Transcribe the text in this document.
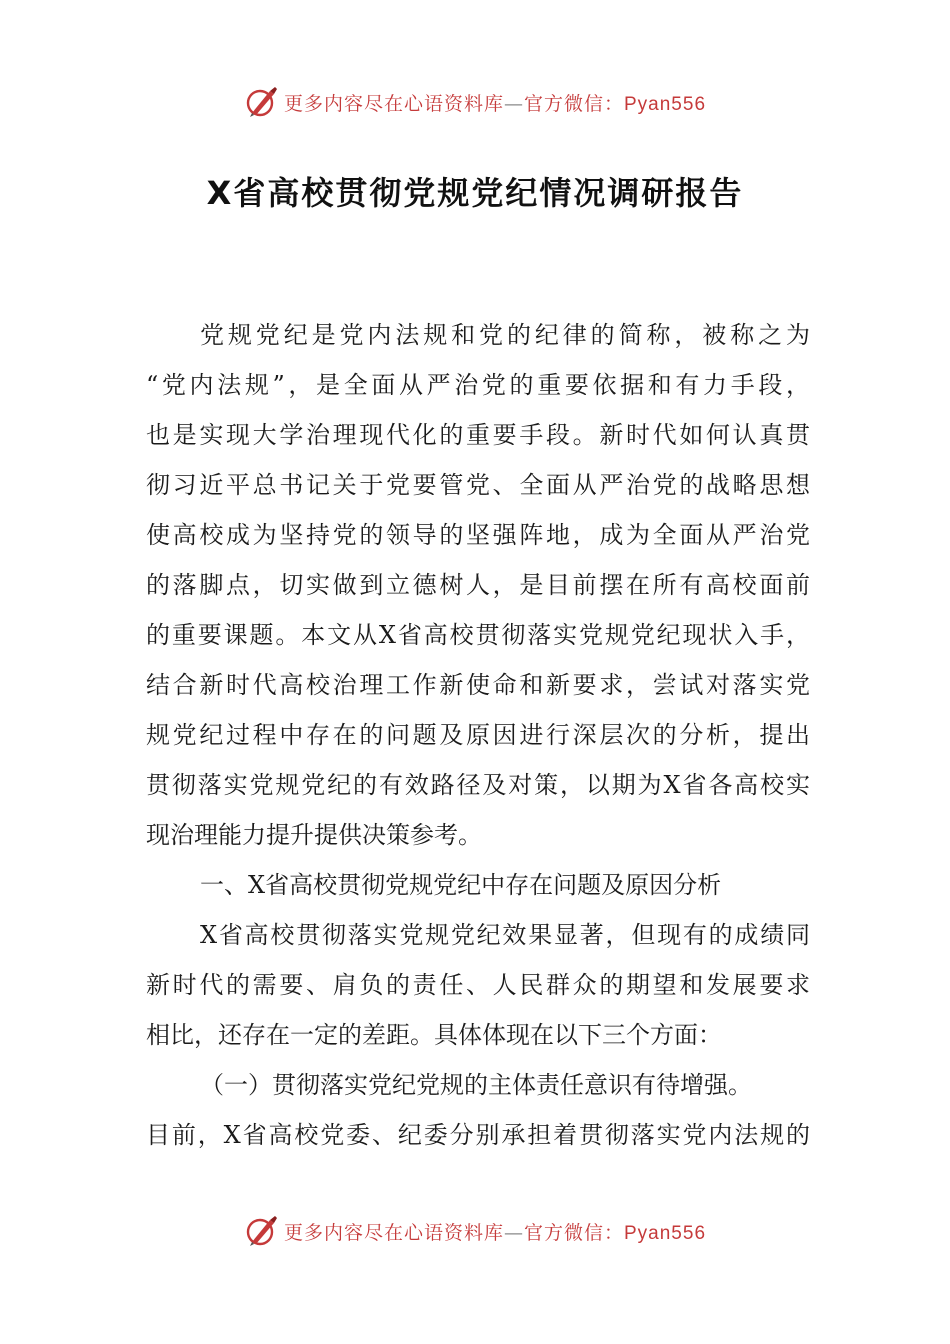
更多内容尽在心语资料库—官方微信：Pyan556
X省高校贯彻党规党纪情况调研报告
党规党纪是党内法规和党的纪律的简称，被称之为
“党内法规”，是全面从严治党的重要依据和有力手段，
也是实现大学治理现代化的重要手段。新时代如何认真贯
彻习近平总书记关于党要管党、全面从严治党的战略思想
使高校成为坚持党的领导的坚强阵地，成为全面从严治党
的落脚点，切实做到立德树人，是目前摆在所有高校面前
的重要课题。本文从X省高校贯彻落实党规党纪现状入手，
结合新时代高校治理工作新使命和新要求，尝试对落实党
规党纪过程中存在的问题及原因进行深层次的分析，提出
贯彻落实党规党纪的有效路径及对策，以期为X省各高校实
现治理能力提升提供决策参考。
一、X省高校贯彻党规党纪中存在问题及原因分析
X省高校贯彻落实党规党纪效果显著，但现有的成绩同
新时代的需要、肩负的责任、人民群众的期望和发展要求
相比，还存在一定的差距。具体体现在以下三个方面：
（一）贯彻落实党纪党规的主体责任意识有待增强。
目前，X省高校党委、纪委分别承担着贯彻落实党内法规的
更多内容尽在心语资料库—官方微信：Pyan556
